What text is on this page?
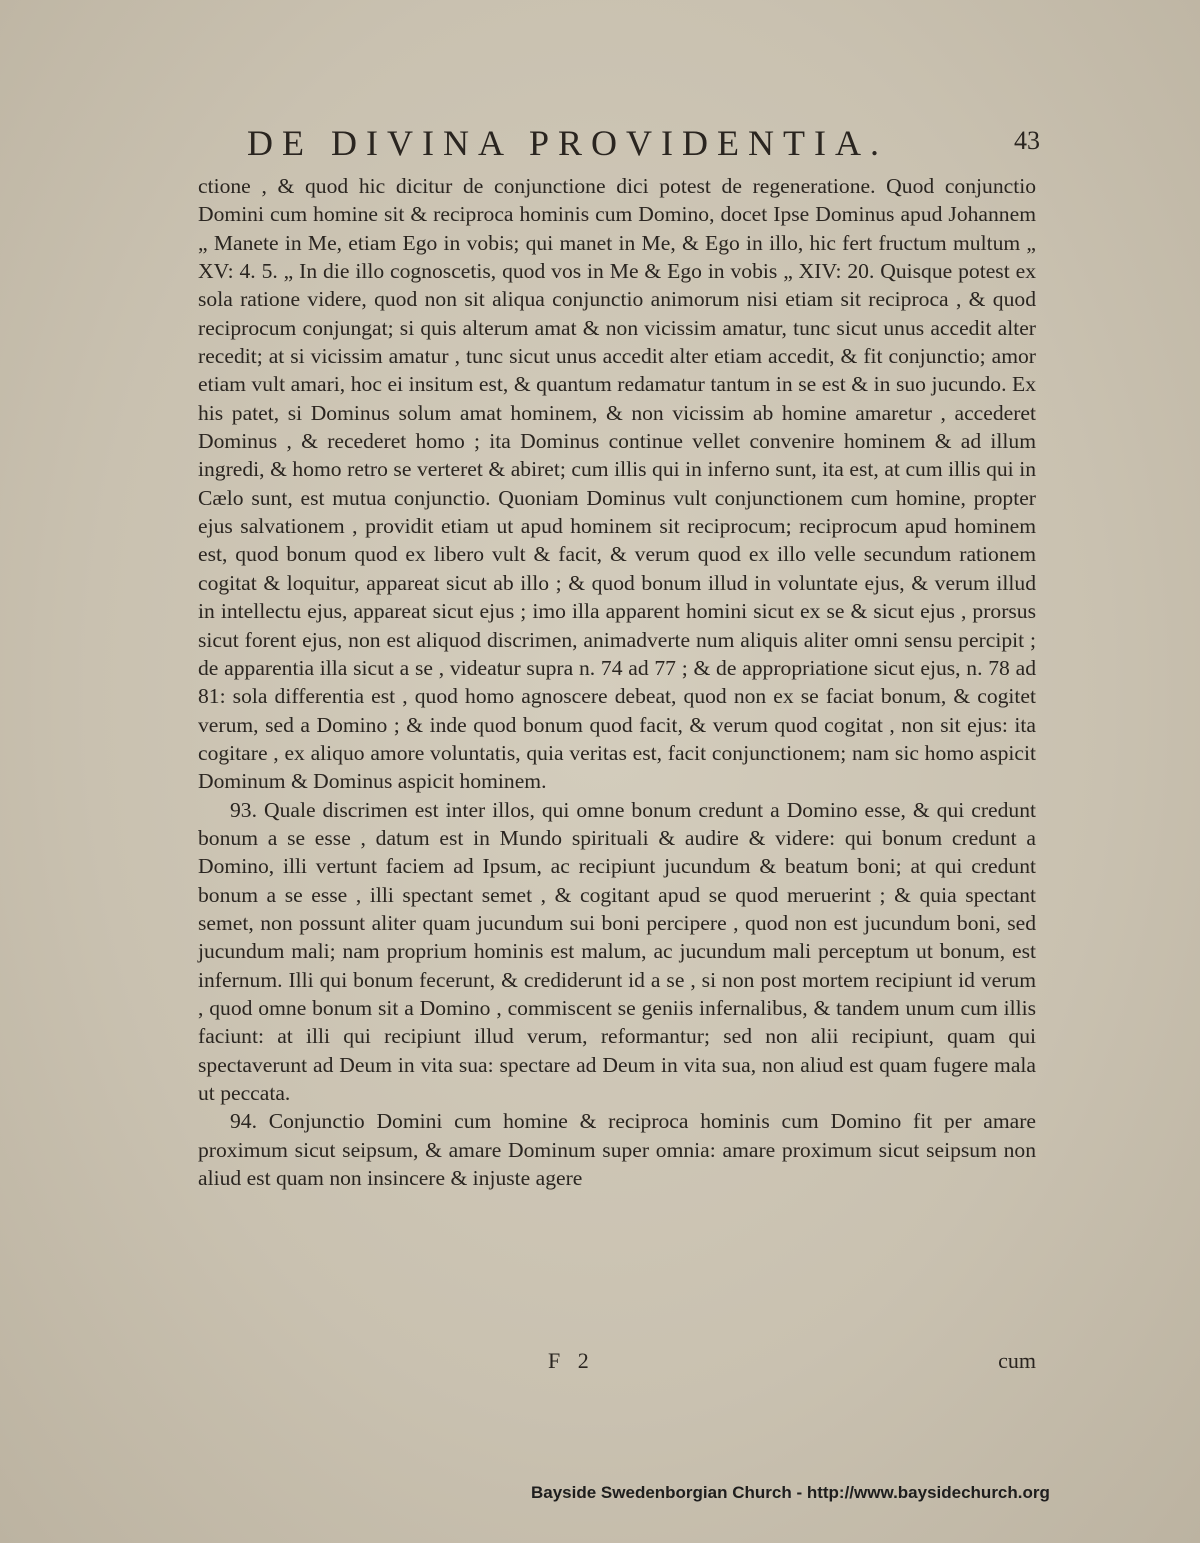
DE DIVINA PROVIDENTIA.	43

ctione , & quod hic dicitur de conjunctione dici potest de regeneratione. Quod conjunctio Domini cum homine sit & reciproca hominis cum Domino, docet Ipse Dominus apud Johannem „ Manete in Me, etiam Ego in vobis; qui manet in Me, & Ego in illo, hic fert fructum multum „ XV: 4. 5. „ In die illo cognoscetis, quod vos in Me & Ego in vobis „ XIV: 20. Quisque potest ex sola ratione videre, quod non sit aliqua conjunctio animorum nisi etiam sit reciproca , & quod reciprocum conjungat; si quis alterum amat & non vicissim amatur, tunc sicut unus accedit alter recedit; at si vicissim amatur , tunc sicut unus accedit alter etiam accedit, & fit conjunctio; amor etiam vult amari, hoc ei insitum est, & quantum redamatur tantum in se est & in suo jucundo. Ex his patet, si Dominus solum amat hominem, & non vicissim ab homine amaretur , accederet Dominus , & recederet homo ; ita Dominus continue vellet convenire hominem & ad illum ingredi, & homo retro se verteret & abiret; cum illis qui in inferno sunt, ita est, at cum illis qui in Cælo sunt, est mutua conjunctio. Quoniam Dominus vult conjunctionem cum homine, propter ejus salvationem , providit etiam ut apud hominem sit reciprocum; reciprocum apud hominem est, quod bonum quod ex libero vult & facit, & verum quod ex illo velle secundum rationem cogitat & loquitur, appareat sicut ab illo ; & quod bonum illud in voluntate ejus, & verum illud in intellectu ejus, appareat sicut ejus ; imo illa apparent homini sicut ex se & sicut ejus , prorsus sicut forent ejus, non est aliquod discrimen, animadverte num aliquis aliter omni sensu percipit ; de apparentia illa sicut a se , videatur supra n. 74 ad 77 ; & de appropriatione sicut ejus, n. 78 ad 81: sola differentia est , quod homo agnoscere debeat, quod non ex se faciat bonum, & cogitet verum, sed a Domino ; & inde quod bonum quod facit, & verum quod cogitat , non sit ejus: ita cogitare , ex aliquo amore voluntatis, quia veritas est, facit conjunctionem; nam sic homo aspicit Dominum & Dominus aspicit hominem.

93. Quale discrimen est inter illos, qui omne bonum credunt a Domino esse, & qui credunt bonum a se esse , datum est in Mundo spirituali & audire & videre: qui bonum credunt a Domino, illi vertunt faciem ad Ipsum, ac recipiunt jucundum & beatum boni; at qui credunt bonum a se esse , illi spectant semet , & cogitant apud se quod meruerint ; & quia spectant semet, non possunt aliter quam jucundum sui boni percipere , quod non est jucundum boni, sed jucundum mali; nam proprium hominis est malum, ac jucundum mali perceptum ut bonum, est infernum. Illi qui bonum fecerunt, & crediderunt id a se , si non post mortem recipiunt id verum , quod omne bonum sit a Domino , commiscent se geniis infernalibus, & tandem unum cum illis faciunt: at illi qui recipiunt illud verum, reformantur; sed non alii recipiunt, quam qui spectaverunt ad Deum in vita sua: spectare ad Deum in vita sua, non aliud est quam fugere mala ut peccata.

94. Conjunctio Domini cum homine & reciproca hominis cum Domino fit per amare proximum sicut seipsum, & amare Dominum super omnia: amare proximum sicut seipsum non aliud est quam non insincere & injuste agere

F 2	cum
Bayside Swedenborgian Church - http://www.baysidechurch.org
